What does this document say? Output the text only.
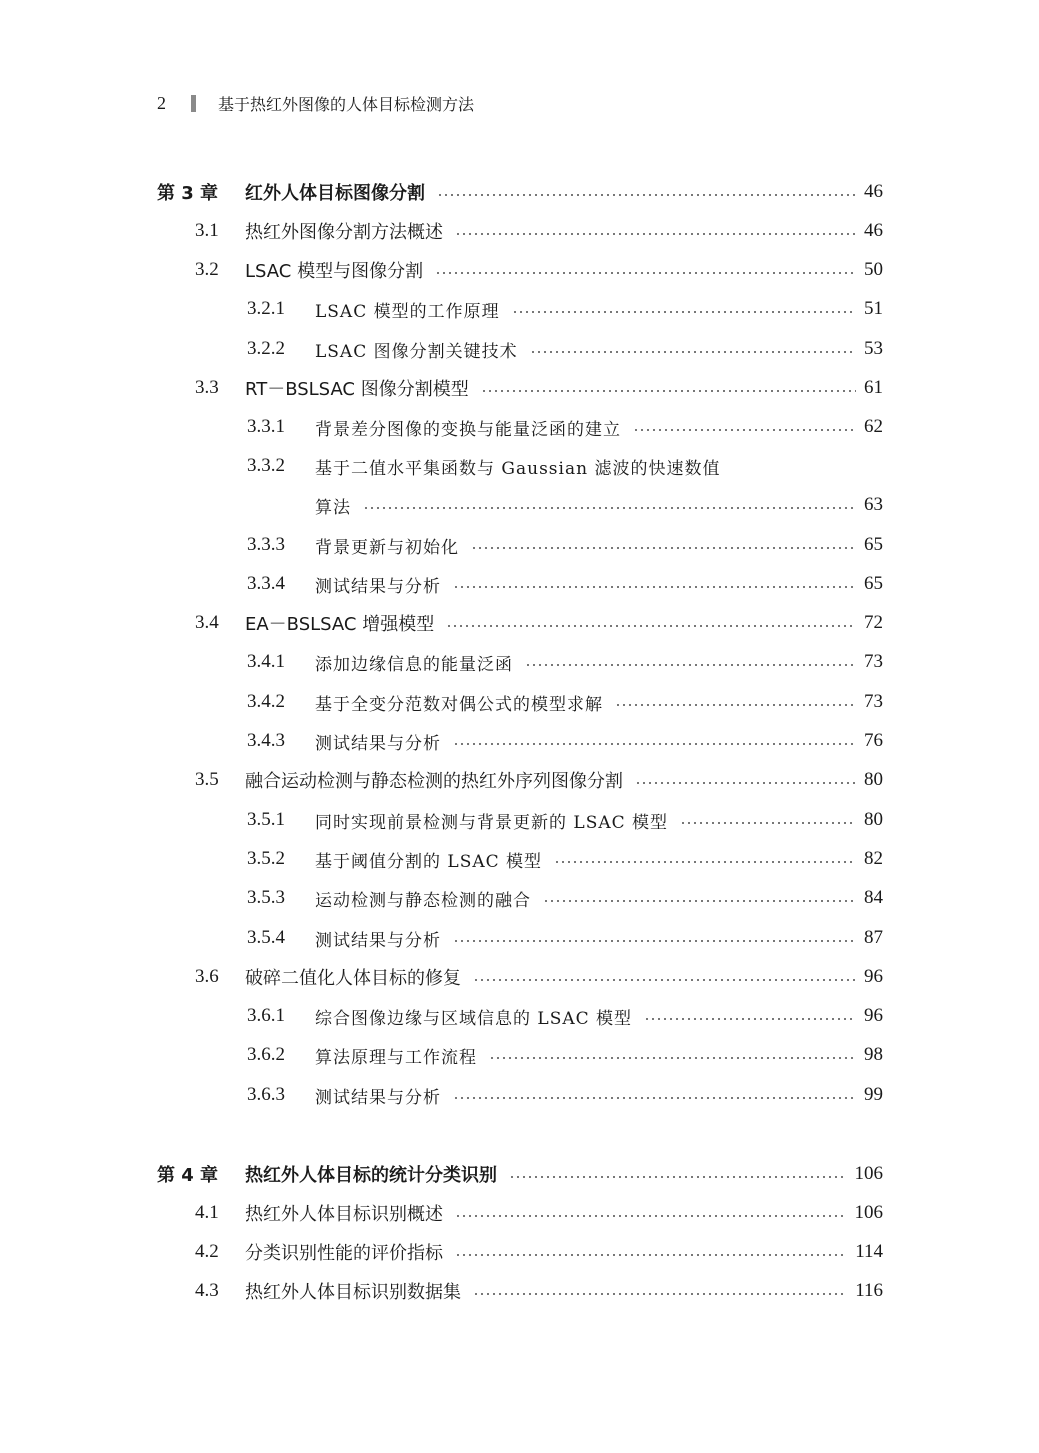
2	基于热红外图像的人体目标检测方法
第 3 章	红外人体目标图像分割	46
3.1	热红外图像分割方法概述	46
3.2	LSAC 模型与图像分割	50
3.2.1	LSAC 模型的工作原理	51
3.2.2	LSAC 图像分割关键技术	53
3.3	RT－BSLSAC 图像分割模型	61
3.3.1	背景差分图像的变换与能量泛函的建立	62
3.3.2	基于二值水平集函数与 Gaussian 滤波的快速数值
算法	63
3.3.3	背景更新与初始化	65
3.3.4	测试结果与分析	65
3.4	EA－BSLSAC 增强模型	72
3.4.1	添加边缘信息的能量泛函	73
3.4.2	基于全变分范数对偶公式的模型求解	73
3.4.3	测试结果与分析	76
3.5	融合运动检测与静态检测的热红外序列图像分割	80
3.5.1	同时实现前景检测与背景更新的 LSAC 模型	80
3.5.2	基于阈值分割的 LSAC 模型	82
3.5.3	运动检测与静态检测的融合	84
3.5.4	测试结果与分析	87
3.6	破碎二值化人体目标的修复	96
3.6.1	综合图像边缘与区域信息的 LSAC 模型	96
3.6.2	算法原理与工作流程	98
3.6.3	测试结果与分析	99
第 4 章	热红外人体目标的统计分类识别	106
4.1	热红外人体目标识别概述	106
4.2	分类识别性能的评价指标	114
4.3	热红外人体目标识别数据集	116
